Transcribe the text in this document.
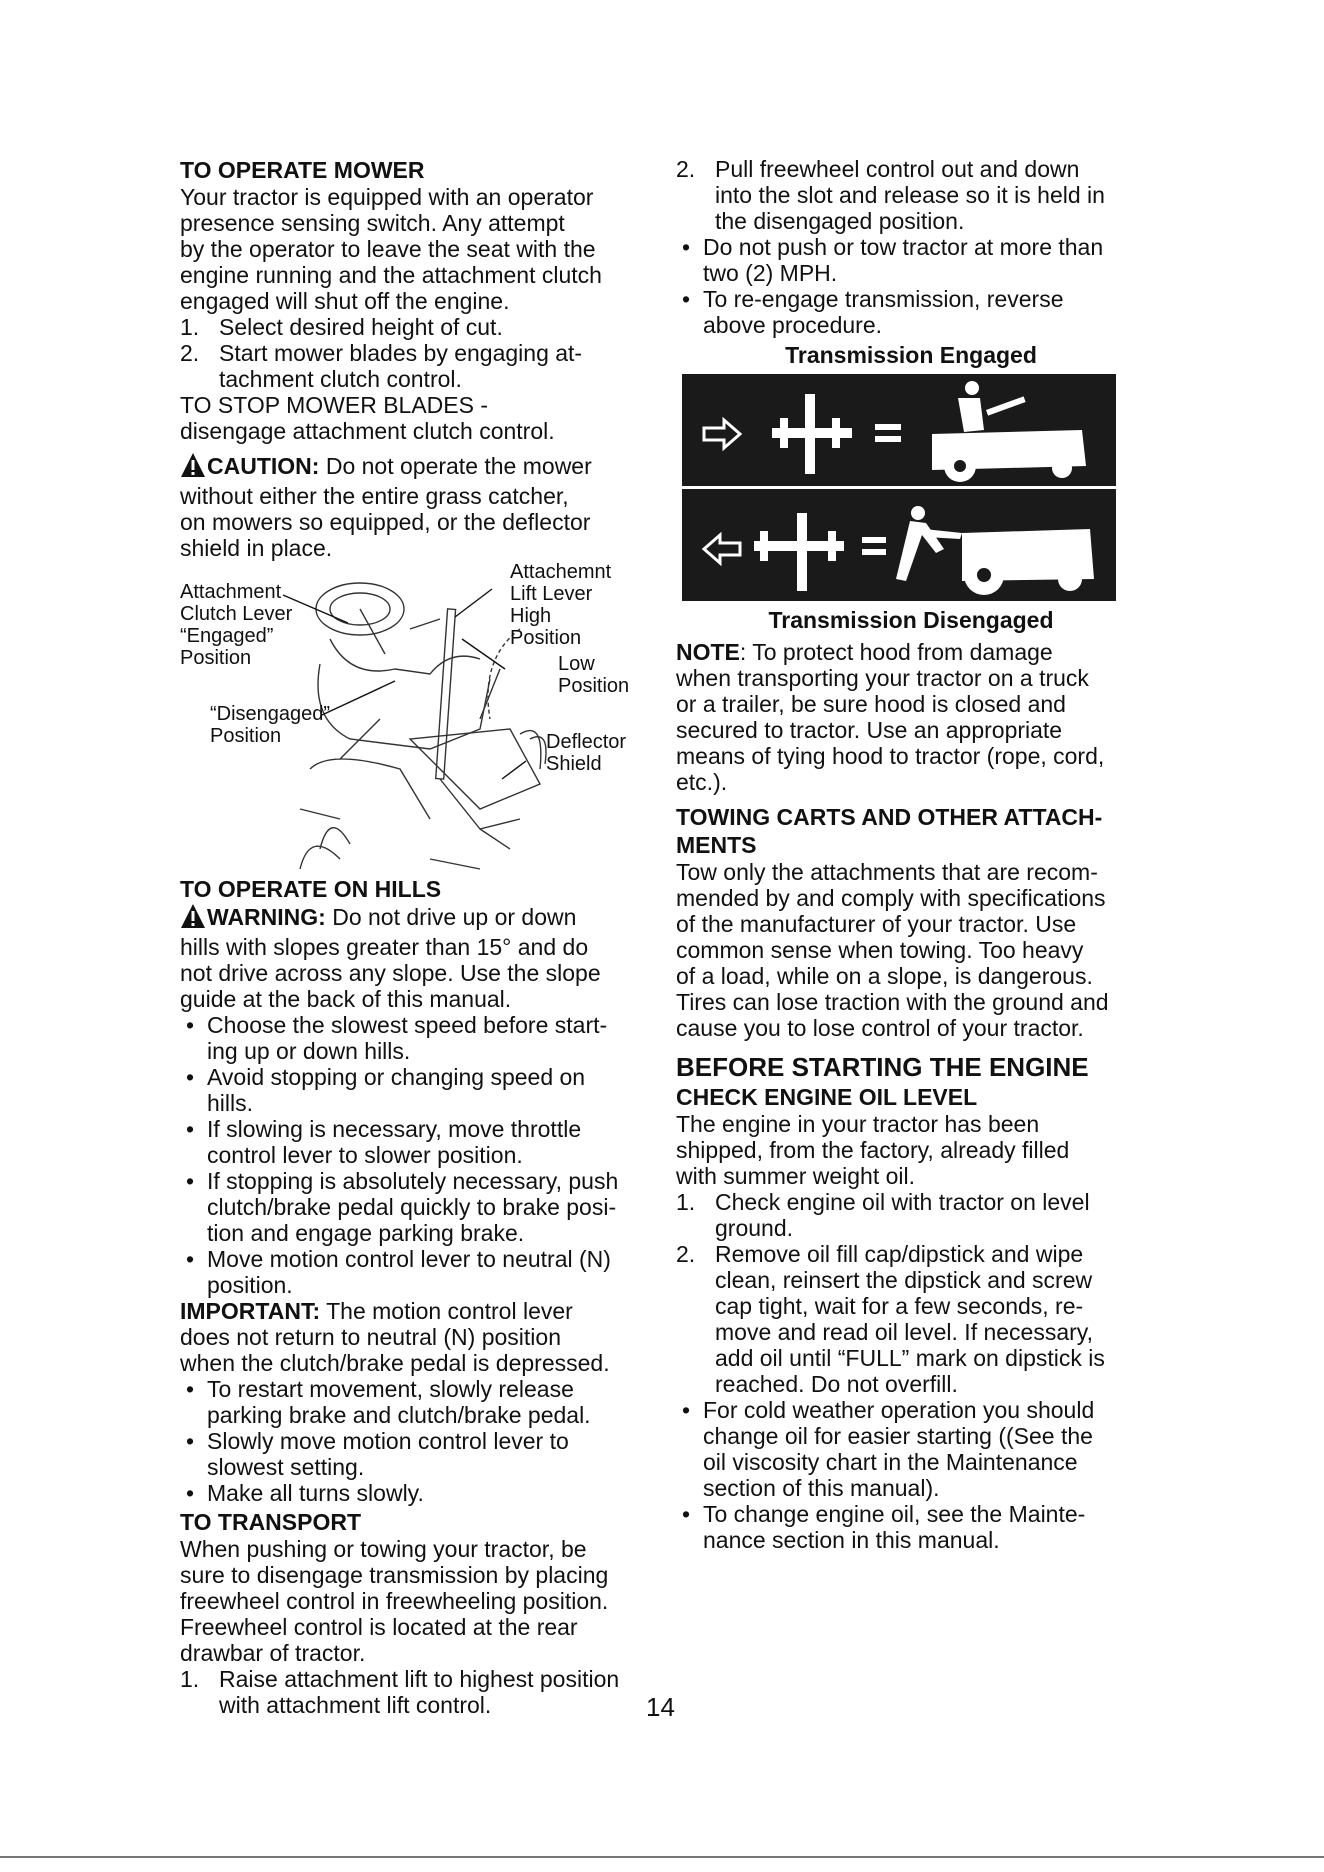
TO OPERATE MOWER
Your tractor is equipped with an operator
presence sensing switch. Any attempt
by the operator to leave the seat with the
engine running and the attachment clutch
engaged will shut off the engine.
1. Select desired height of cut.
2. Start mower blades by engaging at-
tachment clutch control.
TO STOP MOWER BLADES -
disengage attachment clutch control.
CAUTION: Do not operate the mower
without either the entire grass catcher,
on mowers so equipped, or the deflector
shield in place.
Attachment
Clutch Lever
“Engaged”
Position
Attachemnt
Lift Lever
High
Position
Low
Position
“Disengaged”
Position	Deflector
Shield
TO OPERATE ON HILLS
WARNING: Do not drive up or down
hills with slopes greater than 15° and do
not drive across any slope. Use the slope
guide at the back of this manual.
• Choose the slowest speed before start-
ing up or down hills.
• Avoid stopping or changing speed on
hills.
• If slowing is necessary, move throttle
control lever to slower position.
• If stopping is absolutely necessary, push
clutch/brake pedal quickly to brake posi-
tion and engage parking brake.
• Move motion control lever to neutral (N)
position.
IMPORTANT: The motion control lever
does not return to neutral (N) position
when the clutch/brake pedal is depressed.
• To restart movement, slowly release
parking brake and clutch/brake pedal.
• Slowly move motion control lever to
slowest setting.
• Make all turns slowly.
TO TRANSPORT
When pushing or towing your tractor, be
sure to disengage transmission by placing
freewheel control in freewheeling position.
Freewheel control is located at the rear
drawbar of tractor.
1. Raise attachment lift to highest position
with attachment lift control.
2. Pull freewheel control out and down
into the slot and release so it is held in
the disengaged position.
• Do not push or tow tractor at more than
two (2) MPH.
• To re-engage transmission, reverse
above procedure.
Transmission Engaged
Transmission Disengaged
NOTE: To protect hood from damage
when transporting your tractor on a truck
or a trailer, be sure hood is closed and
secured to tractor. Use an appropriate
means of tying hood to tractor (rope, cord,
etc.).
TOWING CARTS AND OTHER ATTACH-
MENTS
Tow only the attachments that are recom-
mended by and comply with specifications
of the manufacturer of your tractor. Use
common sense when towing. Too heavy
of a load, while on a slope, is dangerous.
Tires can lose traction with the ground and
cause you to lose control of your tractor.
BEFORE STARTING THE ENGINE
CHECK ENGINE OIL LEVEL
The engine in your tractor has been
shipped, from the factory, already filled
with summer weight oil.
1. Check engine oil with tractor on level
ground.
2. Remove oil fill cap/dipstick and wipe
clean, reinsert the dipstick and screw
cap tight, wait for a few seconds, re-
move and read oil level. If necessary,
add oil until “FULL” mark on dipstick is
reached. Do not overfill.
• For cold weather operation you should
change oil for easier starting ((See the
oil viscosity chart in the Maintenance
section of this manual).
• To change engine oil, see the Mainte-
nance section in this manual.
14
